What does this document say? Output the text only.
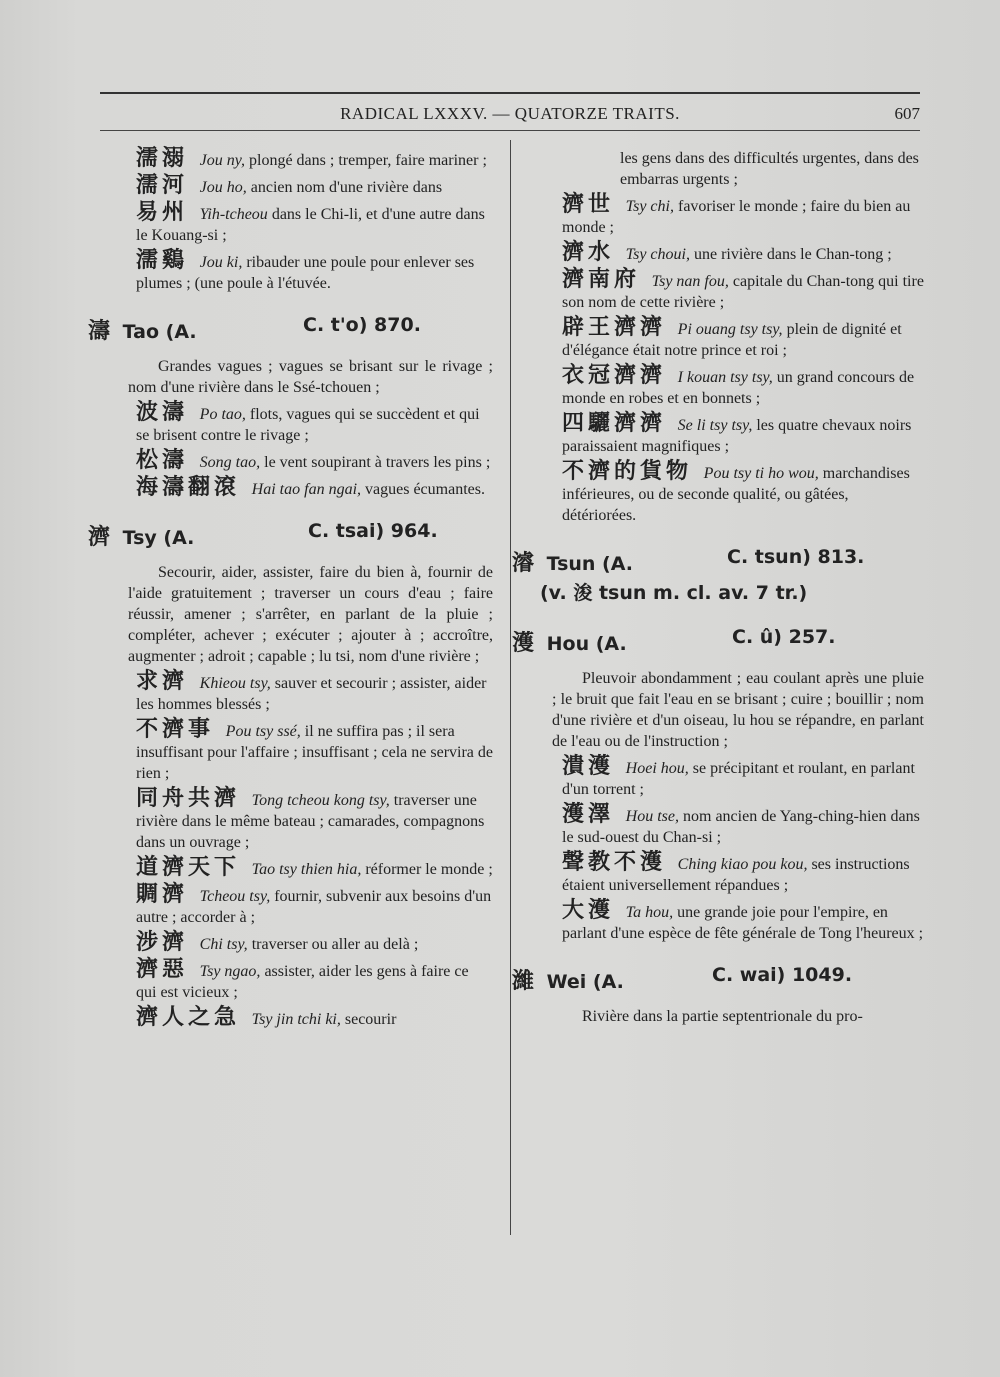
RADICAL LXXXV. — QUATORZE TRAITS.	607
濡溺 Jou ny, plongé dans ; tremper, faire mariner ;
濡河 Jou ho, ancien nom d'une rivière dans
易州 Yih-tcheou dans le Chi-li, et d'une autre dans le Kouang-si ;
濡鷄 Jou ki, ribauder une poule pour enlever ses plumes ; (une poule à l'étuvée.
濤 Tao (A.	C. t'o) 870.
Grandes vagues ; vagues se brisant sur le rivage ; nom d'une rivière dans le Ssé-tchouen ;
波濤 Po tao, flots, vagues qui se succèdent et qui se brisent contre le rivage ;
松濤 Song tao, le vent soupirant à travers les pins ;
海濤翻滾 Hai tao fan ngai, vagues écumantes.
濟 Tsy (A.	C. tsai) 964.
Secourir, aider, assister, faire du bien à, fournir de l'aide gratuitement ; traverser un cours d'eau ; faire réussir, amener ; s'arrêter, en parlant de la pluie ; compléter, achever ; exécuter ; ajouter à ; accroître, augmenter ; adroit ; capable ; lu tsi, nom d'une rivière ;
求濟 Khieou tsy, sauver et secourir ; assister, aider les hommes blessés ;
不濟事 Pou tsy ssé, il ne suffira pas ; il sera insuffisant pour l'affaire ; insuffisant ; cela ne servira de rien ;
同舟共濟 Tong tcheou kong tsy, traverser une rivière dans le même bateau ; camarades, compagnons dans un ouvrage ;
道濟天下 Tao tsy thien hia, réformer le monde ;
賙濟 Tcheou tsy, fournir, subvenir aux besoins d'un autre ; accorder à ;
涉濟 Chi tsy, traverser ou aller au delà ;
濟惡 Tsy ngao, assister, aider les gens à faire ce qui est vicieux ;
濟人之急 Tsy jin tchi ki, secourir
les gens dans des difficultés urgentes, dans des embarras urgents ;
濟世 Tsy chi, favoriser le monde ; faire du bien au monde ;
濟水 Tsy choui, une rivière dans le Chan-tong ;
濟南府 Tsy nan fou, capitale du Chan-tong qui tire son nom de cette rivière ;
辟王濟濟 Pi ouang tsy tsy, plein de dignité et d'élégance était notre prince et roi ;
衣冠濟濟 I kouan tsy tsy, un grand concours de monde en robes et en bonnets ;
四驪濟濟 Se li tsy tsy, les quatre chevaux noirs paraissaient magnifiques ;
不濟的貨物 Pou tsy ti ho wou, marchandises inférieures, ou de seconde qualité, ou gâtées, détériorées.
濬 Tsun (A.	C. tsun) 813.
(v. 浚 tsun m. cl. av. 7 tr.)
濩 Hou (A.	C. û) 257.
Pleuvoir abondamment ; eau coulant après une pluie ; le bruit que fait l'eau en se brisant ; cuire ; bouillir ; nom d'une rivière et d'un oiseau, lu hou se répandre, en parlant de l'eau ou de l'instruction ;
潰濩 Hoei hou, se précipitant et roulant, en parlant d'un torrent ;
濩澤 Hou tse, nom ancien de Yang-ching-hien dans le sud-ouest du Chan-si ;
聲教不濩 Ching kiao pou kou, ses instructions étaient universellement répandues ;
大濩 Ta hou, une grande joie pour l'empire, en parlant d'une espèce de fête générale de Tong l'heureux ;
濰 Wei (A.	C. wai) 1049.
Rivière dans la partie septentrionale du pro-
